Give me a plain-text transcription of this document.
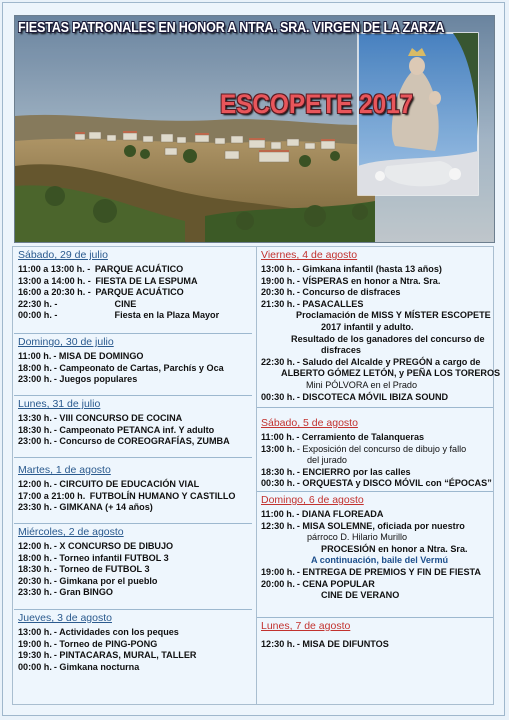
FIESTAS PATRONALES EN HONOR A NTRA. SRA. VIRGEN DE LA ZARZA
ESCOPETE 2017
Sábado, 29 de julio
11:00 a 13:00 h. - PARQUE ACUÁTICO
13:00 a 14:00 h. - FIESTA DE LA ESPUMA
16:00 a 20:30 h. - PARQUE ACUÁTICO
22:30 h. -	CINE
00:00 h. -	Fiesta en la Plaza Mayor
Domingo, 30 de julio
11:00 h. - MISA DE DOMINGO
18:00 h. - Campeonato de Cartas, Parchís y Oca
23:00 h. - Juegos populares
Lunes, 31 de julio
13:30 h. - VIII CONCURSO DE COCINA
18:30 h. - Campeonato PETANCA inf. Y adulto
23:00 h. - Concurso de COREOGRAFÍAS, ZUMBA
Martes, 1 de agosto
12:00 h. - CIRCUITO DE EDUCACIÓN VIAL
17:00 a 21:00 h. FUTBOLÍN HUMANO Y CASTILLO
23:30 h. - GIMKANA (+ 14 años)
Miércoles, 2 de agosto
12:00 h. - X CONCURSO DE DIBUJO
18:00 h. - Torneo infantil FUTBOL 3
18:30 h. - Torneo de FUTBOL 3
20:30 h. - Gimkana por el pueblo
23:30 h. - Gran BINGO
Jueves, 3 de agosto
13:00 h. - Actividades con los peques
19:00 h. - Torneo de PING-PONG
19:30 h. - PINTACARAS, MURAL, TALLER
00:00 h. - Gimkana nocturna
Viernes, 4 de agosto
13:00 h. - Gimkana infantil (hasta 13 años)
19:00 h. - VÍSPERAS en honor a Ntra. Sra.
20:30 h. - Concurso de disfraces
21:30 h. - PASACALLES
Proclamación de MISS Y MÍSTER ESCOPETE
2017 infantil y adulto.
Resultado de los ganadores del concurso de
disfraces
22:30 h. - Saludo del Alcalde y PREGÓN a cargo de
ALBERTO GÓMEZ LETÓN, y PEÑA LOS TOREROS
Mini PÓLVORA en el Prado
00:30 h. - DISCOTECA MÓVIL IBIZA SOUND
Sábado, 5 de agosto
11:00 h. - Cerramiento de Talanqueras
13:00 h. - Exposición del concurso de dibujo y fallo
del jurado
18:30 h. - ENCIERRO por las calles
00:30 h. - ORQUESTA y DISCO MÓVIL con “ÉPOCAS”
Domingo, 6 de agosto
11:00 h. - DIANA FLOREADA
12:30 h. - MISA SOLEMNE, oficiada por nuestro
párroco D. Hilario Murillo
PROCESIÓN en honor a Ntra. Sra.
A continuación, baile del Vermú
19:00 h. - ENTREGA DE PREMIOS Y FIN DE FIESTA
20:00 h. - CENA POPULAR
CINE DE VERANO
Lunes, 7 de agosto
12:30 h. - MISA DE DIFUNTOS
